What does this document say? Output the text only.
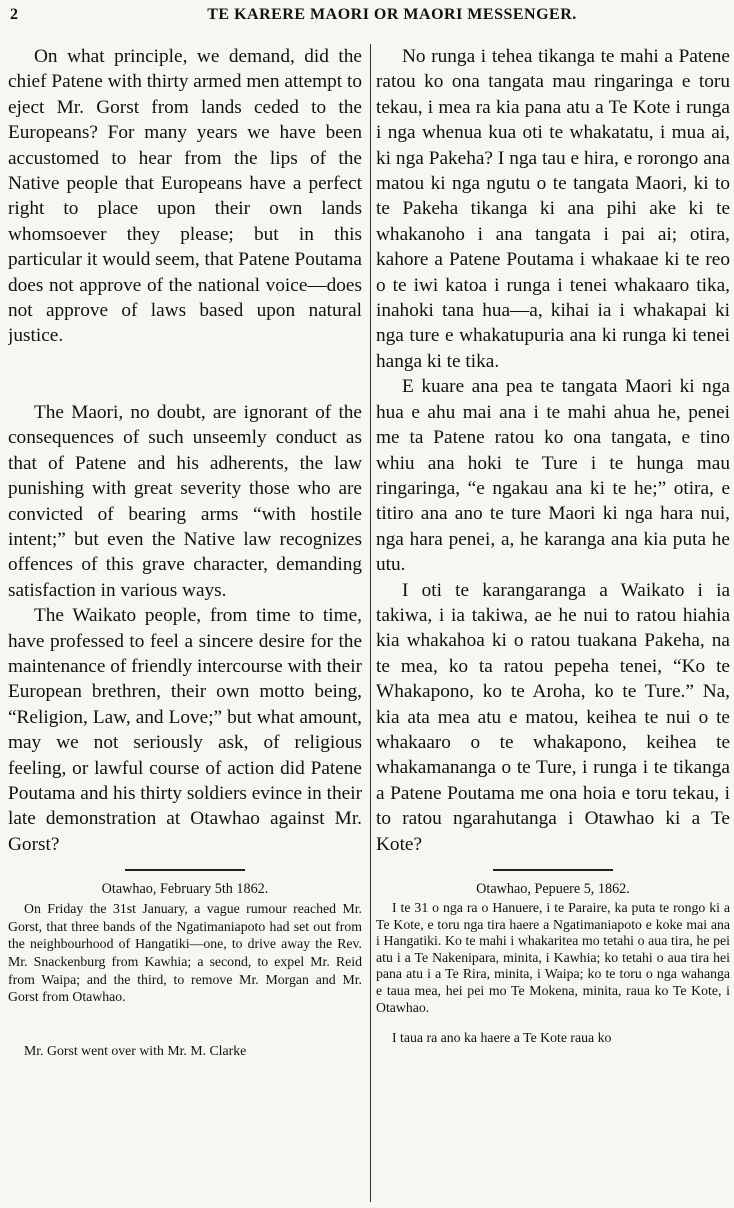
2	TE KARERE MAORI OR MAORI MESSENGER.

On what principle, we demand, did the chief Patene with thirty armed men attempt to eject Mr. Gorst from lands ceded to the Europeans? For many years we have been accustomed to hear from the lips of the Native people that Europeans have a perfect right to place upon their own lands whomsoever they please; but in this particular it would seem, that Patene Poutama does not approve of the national voice—does not approve of laws based upon natural justice.

The Maori, no doubt, are ignorant of the consequences of such unseemly conduct as that of Patene and his adherents, the law punishing with great severity those who are convicted of bearing arms “with hostile intent;” but even the Native law recognizes offences of this grave character, demanding satisfaction in various ways.

The Waikato people, from time to time, have professed to feel a sincere desire for the maintenance of friendly intercourse with their European brethren, their own motto being, “Religion, Law, and Love;” but what amount, may we not seriously ask, of religious feeling, or lawful course of action did Patene Poutama and his thirty soldiers evince in their late demonstration at Otawhao against Mr. Gorst?

Otawhao, February 5th 1862.

On Friday the 31st January, a vague rumour reached Mr. Gorst, that three bands of the Ngatimaniapoto had set out from the neighbourhood of Hangatiki—one, to drive away the Rev. Mr. Snackenburg from Kawhia; a second, to expel Mr. Reid from Waipa; and the third, to remove Mr. Morgan and Mr. Gorst from Otawhao.

Mr. Gorst went over with Mr. M. Clarke

No runga i tehea tikanga te mahi a Patene ratou ko ona tangata mau ringaringa e toru tekau, i mea ra kia pana atu a Te Kote i runga i nga whenua kua oti te whakatatu, i mua ai, ki nga Pakeha? I nga tau e hira, e rorongo ana matou ki nga ngutu o te tangata Maori, ki to te Pakeha tikanga ki ana pihi ake ki te whakanoho i ana tangata i pai ai; otira, kahore a Patene Poutama i whakaae ki te reo o te iwi katoa i runga i tenei whakaaro tika, inahoki tana hua—a, kihai ia i whakapai ki nga ture e whakatupuria ana ki runga ki tenei hanga ki te tika.

E kuare ana pea te tangata Maori ki nga hua e ahu mai ana i te mahi ahua he, penei me ta Patene ratou ko ona tangata, e tino whiu ana hoki te Ture i te hunga mau ringaringa, “e ngakau ana ki te he;” otira, e titiro ana ano te ture Maori ki nga hara nui, nga hara penei, a, he karanga ana kia puta he utu.

I oti te karangaranga a Waikato i ia takiwa, i ia takiwa, ae he nui to ratou hiahia kia whakahoa ki o ratou tuakana Pakeha, na te mea, ko ta ratou pepeha tenei, “Ko te Whakapono, ko te Aroha, ko te Ture.” Na, kia ata mea atu e matou, keihea te nui o te whakaaro o te whakapono, keihea te whakamananga o te Ture, i runga i te tikanga a Patene Poutama me ona hoia e toru tekau, i to ratou ngarahutanga i Otawhao ki a Te Kote?

Otawhao, Pepuere 5, 1862.

I te 31 o nga ra o Hanuere, i te Paraire, ka puta te rongo ki a Te Kote, e toru nga tira haere a Ngatimaniapoto e koke mai ana i Hangatiki. Ko te mahi i whakaritea mo tetahi o aua tira, he pei atu i a Te Nakenipara, minita, i Kawhia; ko tetahi o aua tira hei pana atu i a Te Rira, minita, i Waipa; ko te toru o nga wahanga e taua mea, hei pei mo Te Mokena, minita, raua ko Te Kote, i Otawhao.

I taua ra ano ka haere a Te Kote raua ko
